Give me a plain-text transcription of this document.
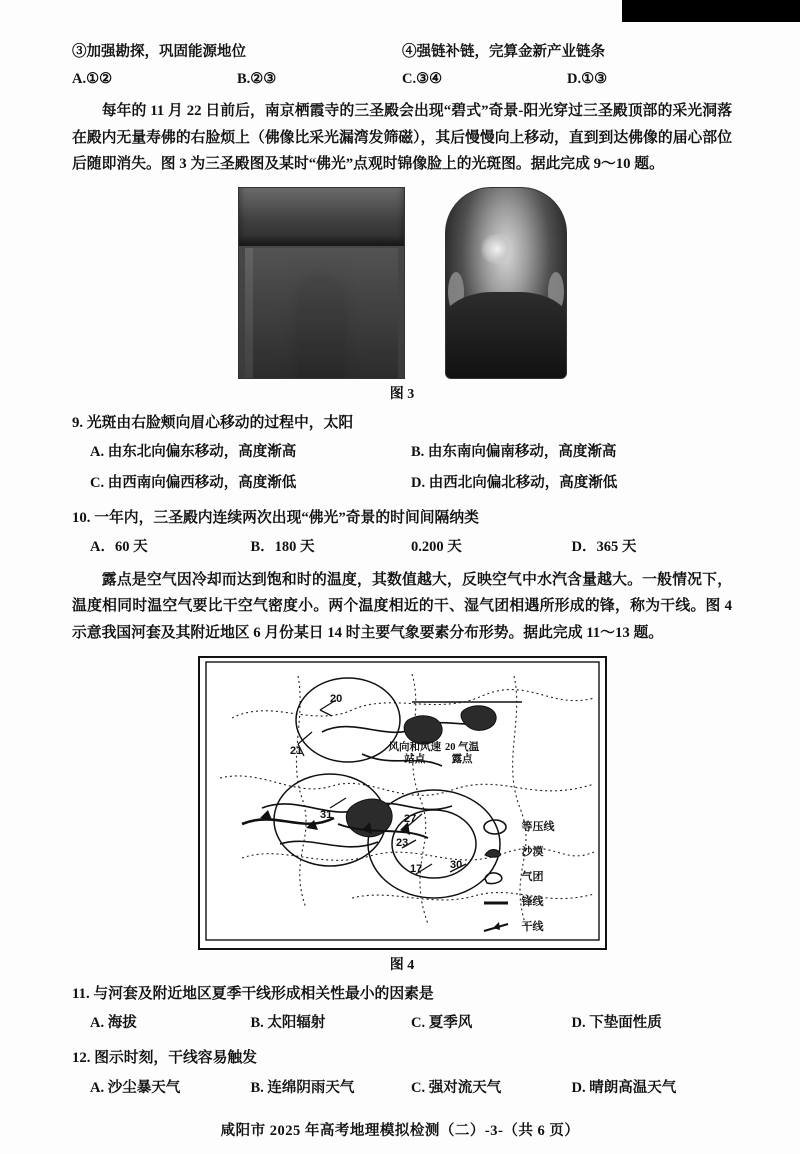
③加强勘探，巩固能源地位	④强链补链，完算金新产业链条
A.①②	B.②③	C.③④	D.①③
每年的 11 月 22 日前后，南京栖霞寺的三圣殿会出现“碧式”奇景-阳光穿过三圣殿顶部的采光洞落在殿内无量寿佛的右脸烦上（佛像比采光漏湾发筛磁），其后慢慢向上移动，直到到达佛像的届心部位后随即消失。图 3 为三圣殿图及某时“佛光”点观时锦像脸上的光斑图。据此完成 9～10 题。
图 3
9. 光斑由右脸颊向眉心移动的过程中，太阳
A. 由东北向偏东移动，高度渐高	B. 由东南向偏南移动，高度渐高
C. 由西南向偏西移动，高度渐低	D. 由西北向偏北移动，高度渐低
10. 一年内，三圣殿内连续两次出现“佛光”奇景的时间间隔纳类
A．60 天	B．180 天	0.200 天	D．365 天
露点是空气因冷却而达到饱和时的温度，其数值越大，反映空气中水汽含量越大。一般情况下，温度相同时温空气要比干空气密度小。两个温度相近的干、湿气团相遇所形成的锋，称为干线。图 4 示意我国河套及其附近地区 6 月份某日 14 时主要气象要素分布形势。据此完成 11～13 题。
20
21
31	27
23
17	30
风向和风速
站点
20 气温
露点
等压线
沙漠
气团
锋线
干线
图 4
11. 与河套及附近地区夏季干线形成相关性最小的因素是
A. 海拔	B. 太阳辐射	C. 夏季风	D. 下垫面性质
12. 图示时刻，干线容易触发
A. 沙尘暴天气	B. 连绵阴雨天气	C. 强对流天气	D. 晴朗高温天气
咸阳市 2025 年高考地理模拟检测（二）-3-（共 6 页）
